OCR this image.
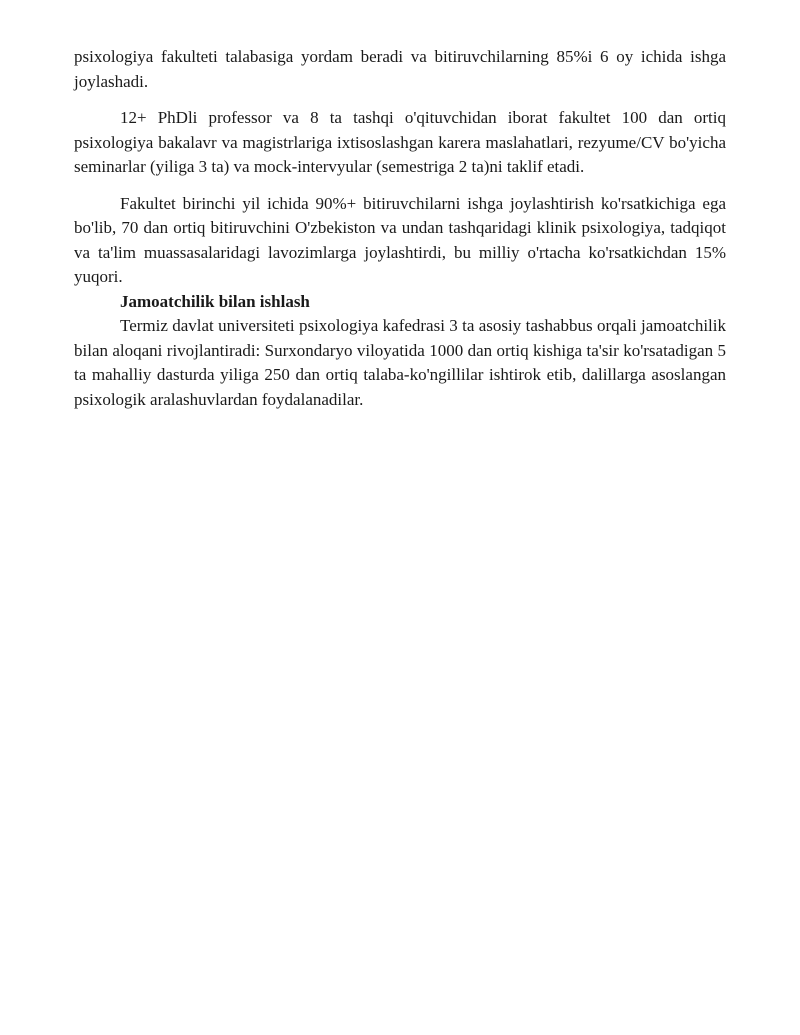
psixologiya fakulteti talabasiga yordam beradi va bitiruvchilarning 85%i 6 oy ichida ishga joylashadi.

12+ PhDli professor va 8 ta tashqi o'qituvchidan iborat fakultet 100 dan ortiq psixologiya bakalavr va magistrlariga ixtisoslashgan karera maslahatlari, rezyume/CV bo'yicha seminarlar (yiliga 3 ta) va mock-intervyular (semestriga 2 ta)ni taklif etadi.

Fakultet birinchi yil ichida 90%+ bitiruvchilarni ishga joylashtirish ko'rsatkichiga ega bo'lib, 70 dan ortiq bitiruvchini O'zbekiston va undan tashqaridagi klinik psixologiya, tadqiqot va ta'lim muassasalaridagi lavozimlarga joylashtirdi, bu milliy o'rtacha ko'rsatkichdan 15% yuqori.

Jamoatchilik bilan ishlash

Termiz davlat universiteti psixologiya kafedrasi 3 ta asosiy tashabbus orqali jamoatchilik bilan aloqani rivojlantiradi: Surxondaryo viloyatida 1000 dan ortiq kishiga ta'sir ko'rsatadigan 5 ta mahalliy dasturda yiliga 250 dan ortiq talaba-ko'ngillilar ishtirok etib, dalillarga asoslangan psixologik aralashuvlardan foydalanadilar.
